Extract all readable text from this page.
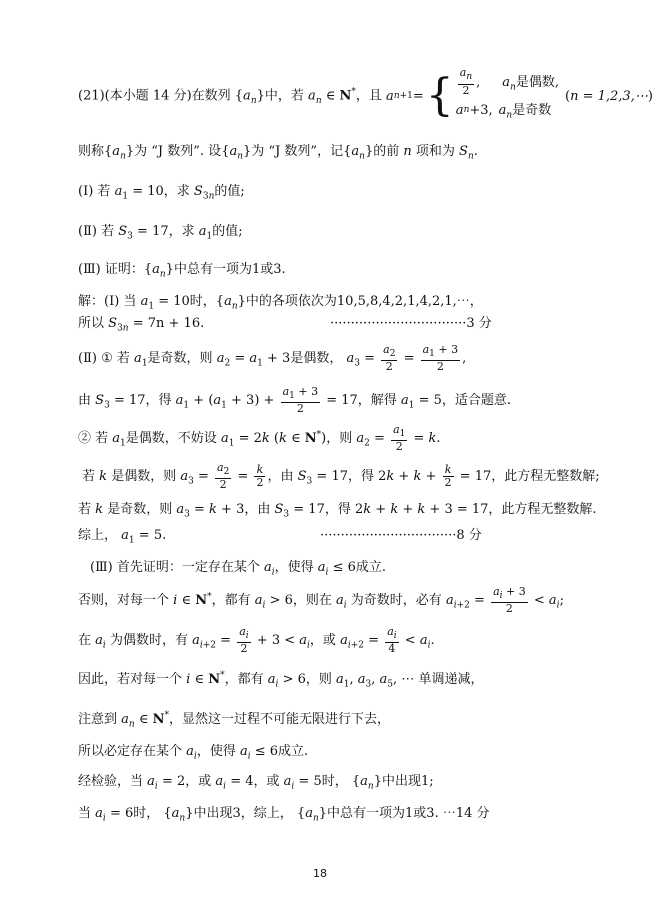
(21)(本小题 14 分)在数列 $\{a_n\}$中，若 $a_n$ ∈ N*，且 a n+1 = { $\frac{a_n}{2}$ , $a_n$是偶数,
a n +3, $a_n$是奇数
(n = 1,2,3,⋯)
则称$\{a_n\}$为 “J 数列”. 设$\{a_n\}$为 “J 数列”，记$\{a_n\}$的前 n 项和为 $S_n$.
(Ⅰ) 若 $a_1 = 10$，求 $S_{3n}$的值;
(Ⅱ) 若 $S_3 = 17$，求 $a_1$的值;
(Ⅲ) 证明：$\{a_n\}$中总有一项为1或3.
解：(Ⅰ) 当 $a_1 = 10$时，$\{a_n\}$中的各项依次为10,5,8,4,2,1,4,2,1,⋯，
所以 $S_{3n} = 7n + 16$.	·································3 分
(Ⅱ) ① 若 $a_1$是奇数，则 $a_2 = a_1 + 3$是偶数， $a_3 = \frac{a_2}{2} = \frac{a_1 + 3}{2}$ ,
由 $S_3 = 17$，得 $a_1 + (a_1 + 3) + \frac{a_1 + 3}{2} = 17$，解得 $a_1 = 5$，适合题意.
② 若 $a_1$是偶数，不妨设 $a_1 = 2k$ (k ∈ N*)，则 $a_2 = \frac{a_1}{2} = k$.
若 k 是偶数，则 $a_3 = \frac{a_2}{2} = \frac{k}{2}$ ，由 $S_3 = 17$，得 $2k + k + \frac{k}{2} = 17$，此方程无整数解;
若 k 是奇数，则 $a_3 = k + 3$，由 $S_3 = 17$，得 2k + k + k + 3 = 17，此方程无整数解.
综上， $a_1 = 5$.	·································8 分
(Ⅲ) 首先证明：一定存在某个 $a_i$，使得 $a_i \le 6$成立.
否则，对每一个 i ∈ N*，都有 $a_i > 6$，则在 $a_i$ 为奇数时，必有 $a_{i+2} = \frac{a_i + 3}{2} < a_i$;
在 $a_i$ 为偶数时，有 $a_{i+2} = \frac{a_i}{2} + 3 < a_i$，或 $a_{i+2} = \frac{a_i}{4} < a_i$.
因此，若对每一个 i ∈ N*，都有 $a_i > 6$，则 $a_1$, $a_3$, $a_5$, ⋯ 单调递减，
注意到 $a_n$ ∈ N*，显然这一过程不可能无限进行下去，
所以必定存在某个 $a_i$，使得 $a_i \le 6$成立.
经检验，当 $a_i = 2$，或 $a_i = 4$，或 $a_i = 5$时， $\{a_n\}$中出现1;
当 $a_i = 6$时， $\{a_n\}$中出现3，综上， $\{a_n\}$中总有一项为1或3. ⋯14 分
18
